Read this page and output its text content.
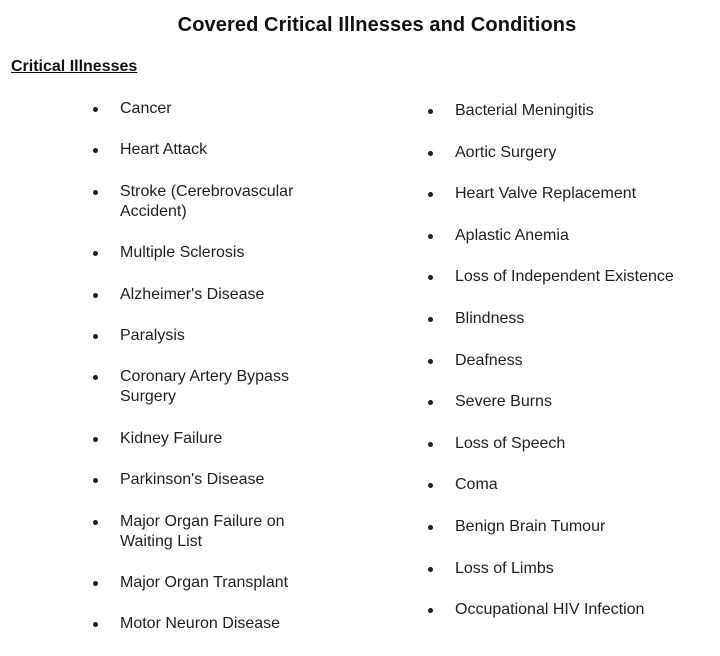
Covered Critical Illnesses and Conditions
Critical Illnesses
Cancer
Heart Attack
Stroke (Cerebrovascular Accident)
Multiple Sclerosis
Alzheimer's Disease
Paralysis
Coronary Artery Bypass Surgery
Kidney Failure
Parkinson's Disease
Major Organ Failure on Waiting List
Major Organ Transplant
Motor Neuron Disease
Bacterial Meningitis
Aortic Surgery
Heart Valve Replacement
Aplastic Anemia
Loss of Independent Existence
Blindness
Deafness
Severe Burns
Loss of Speech
Coma
Benign Brain Tumour
Loss of Limbs
Occupational HIV Infection
